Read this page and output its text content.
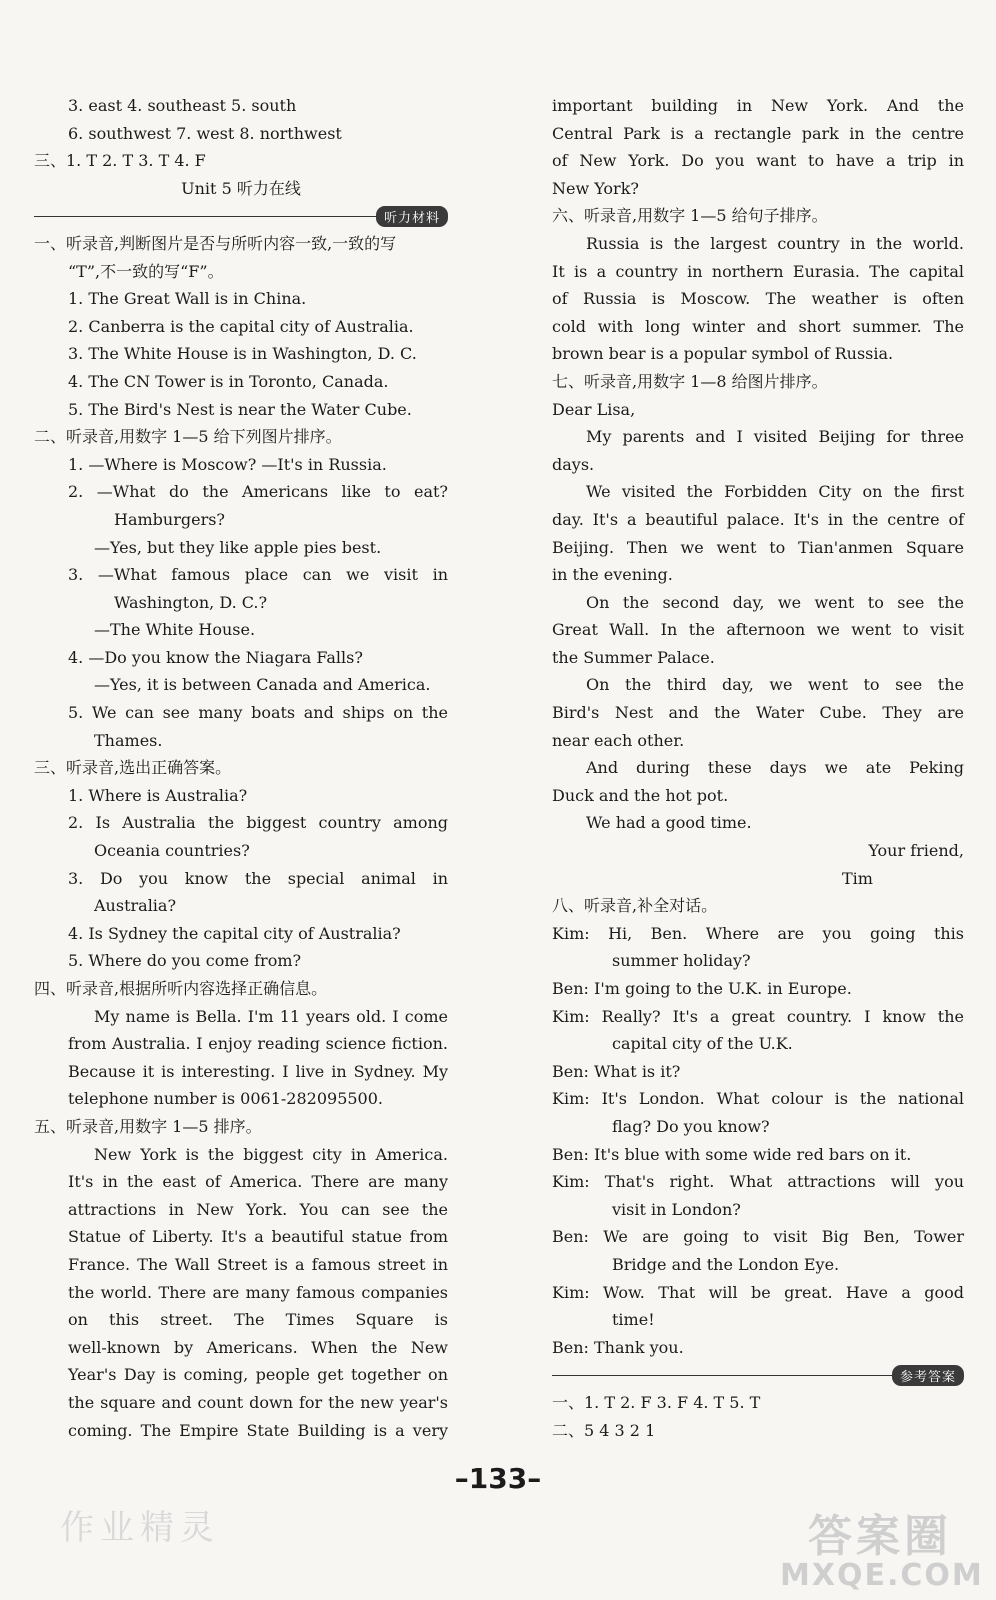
3. east 4. southeast 5. south
6. southwest 7. west 8. northwest
三、1. T 2. T 3. T 4. F
Unit 5 听力在线
听力材料
一、听录音,判断图片是否与所听内容一致,一致的写
“T”,不一致的写“F”。
1. The Great Wall is in China.
2. Canberra is the capital city of Australia.
3. The White House is in Washington, D. C.
4. The CN Tower is in Toronto, Canada.
5. The Bird's Nest is near the Water Cube.
二、听录音,用数字 1—5 给下列图片排序。
1. —Where is Moscow? —It's in Russia.
2. —What do the Americans like to eat?
Hamburgers?
—Yes, but they like apple pies best.
3. —What famous place can we visit in
Washington, D. C.?
—The White House.
4. —Do you know the Niagara Falls?
—Yes, it is between Canada and America.
5. We can see many boats and ships on the
Thames.
三、听录音,选出正确答案。
1. Where is Australia?
2. Is Australia the biggest country among
Oceania countries?
3. Do you know the special animal in
Australia?
4. Is Sydney the capital city of Australia?
5. Where do you come from?
四、听录音,根据所听内容选择正确信息。
My name is Bella. I'm 11 years old. I come
from Australia. I enjoy reading science fiction.
Because it is interesting. I live in Sydney. My
telephone number is 0061-282095500.
五、听录音,用数字 1—5 排序。
New York is the biggest city in America.
It's in the east of America. There are many
attractions in New York. You can see the
Statue of Liberty. It's a beautiful statue from
France. The Wall Street is a famous street in
the world. There are many famous companies
on this street. The Times Square is
well-known by Americans. When the New
Year's Day is coming, people get together on
the square and count down for the new year's
coming. The Empire State Building is a very
important building in New York. And the
Central Park is a rectangle park in the centre
of New York. Do you want to have a trip in
New York?
六、听录音,用数字 1—5 给句子排序。
Russia is the largest country in the world.
It is a country in northern Eurasia. The capital
of Russia is Moscow. The weather is often
cold with long winter and short summer. The
brown bear is a popular symbol of Russia.
七、听录音,用数字 1—8 给图片排序。
Dear Lisa,
My parents and I visited Beijing for three
days.
We visited the Forbidden City on the first
day. It's a beautiful palace. It's in the centre of
Beijing. Then we went to Tian'anmen Square
in the evening.
On the second day, we went to see the
Great Wall. In the afternoon we went to visit
the Summer Palace.
On the third day, we went to see the
Bird's Nest and the Water Cube. They are
near each other.
And during these days we ate Peking
Duck and the hot pot.
We had a good time.
Your friend,
Tim
八、听录音,补全对话。
Kim: Hi, Ben. Where are you going this
summer holiday?
Ben: I'm going to the U.K. in Europe.
Kim: Really? It's a great country. I know the
capital city of the U.K.
Ben: What is it?
Kim: It's London. What colour is the national
flag? Do you know?
Ben: It's blue with some wide red bars on it.
Kim: That's right. What attractions will you
visit in London?
Ben: We are going to visit Big Ben, Tower
Bridge and the London Eye.
Kim: Wow. That will be great. Have a good
time!
Ben: Thank you.
参考答案
一、1. T 2. F 3. F 4. T 5. T
二、5 4 3 2 1
–133–
作业精灵	答案圈
MXQE.COM
